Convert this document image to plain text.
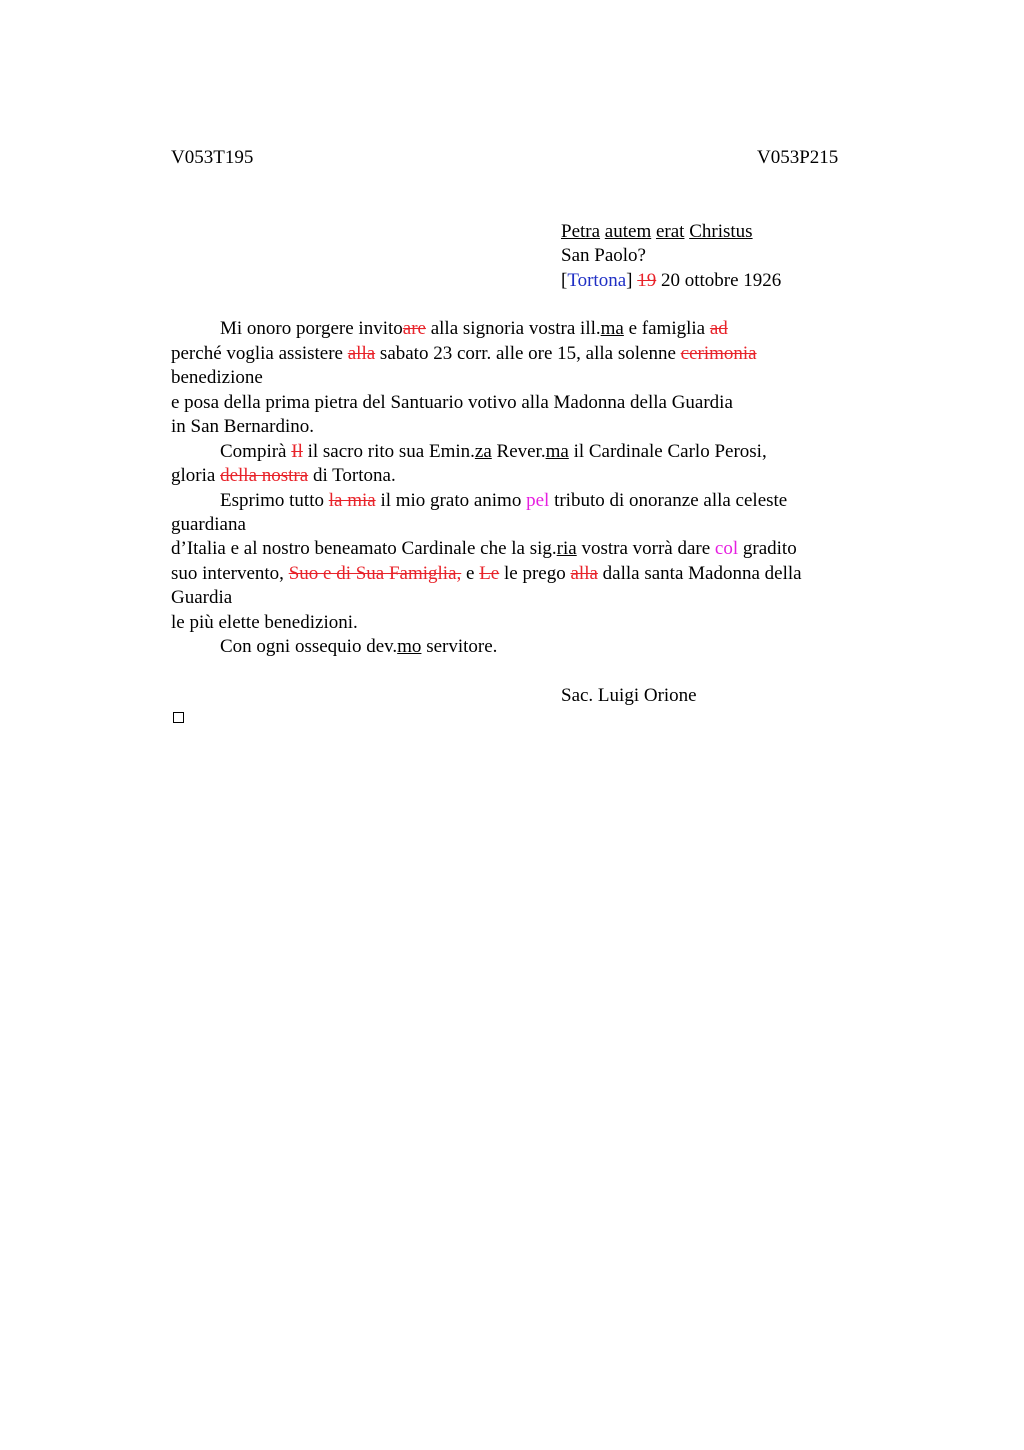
V053T195	V053P215
Petra autem erat Christus
San Paolo?
[Tortona] 19 20 ottobre 1926
Mi onoro porgere invitoare alla signoria vostra ill.ma e famiglia ad
perché voglia assistere alla sabato 23 corr. alle ore 15, alla solenne cerimonia
benedizione
e posa della prima pietra del Santuario votivo alla Madonna della Guardia
in San Bernardino.
Compirà Il il sacro rito sua Emin.za Rever.ma il Cardinale Carlo Perosi,
gloria della nostra di Tortona.
Esprimo tutto la mia il mio grato animo pel tributo di onoranze alla celeste
guardiana
d’Italia e al nostro beneamato Cardinale che la sig.ria vostra vorrà dare col gradito
suo intervento, Suo e di Sua Famiglia, e Le le prego alla dalla santa Madonna della
Guardia
le più elette benedizioni.
Con ogni ossequio dev.mo servitore.
Sac. Luigi Orione
